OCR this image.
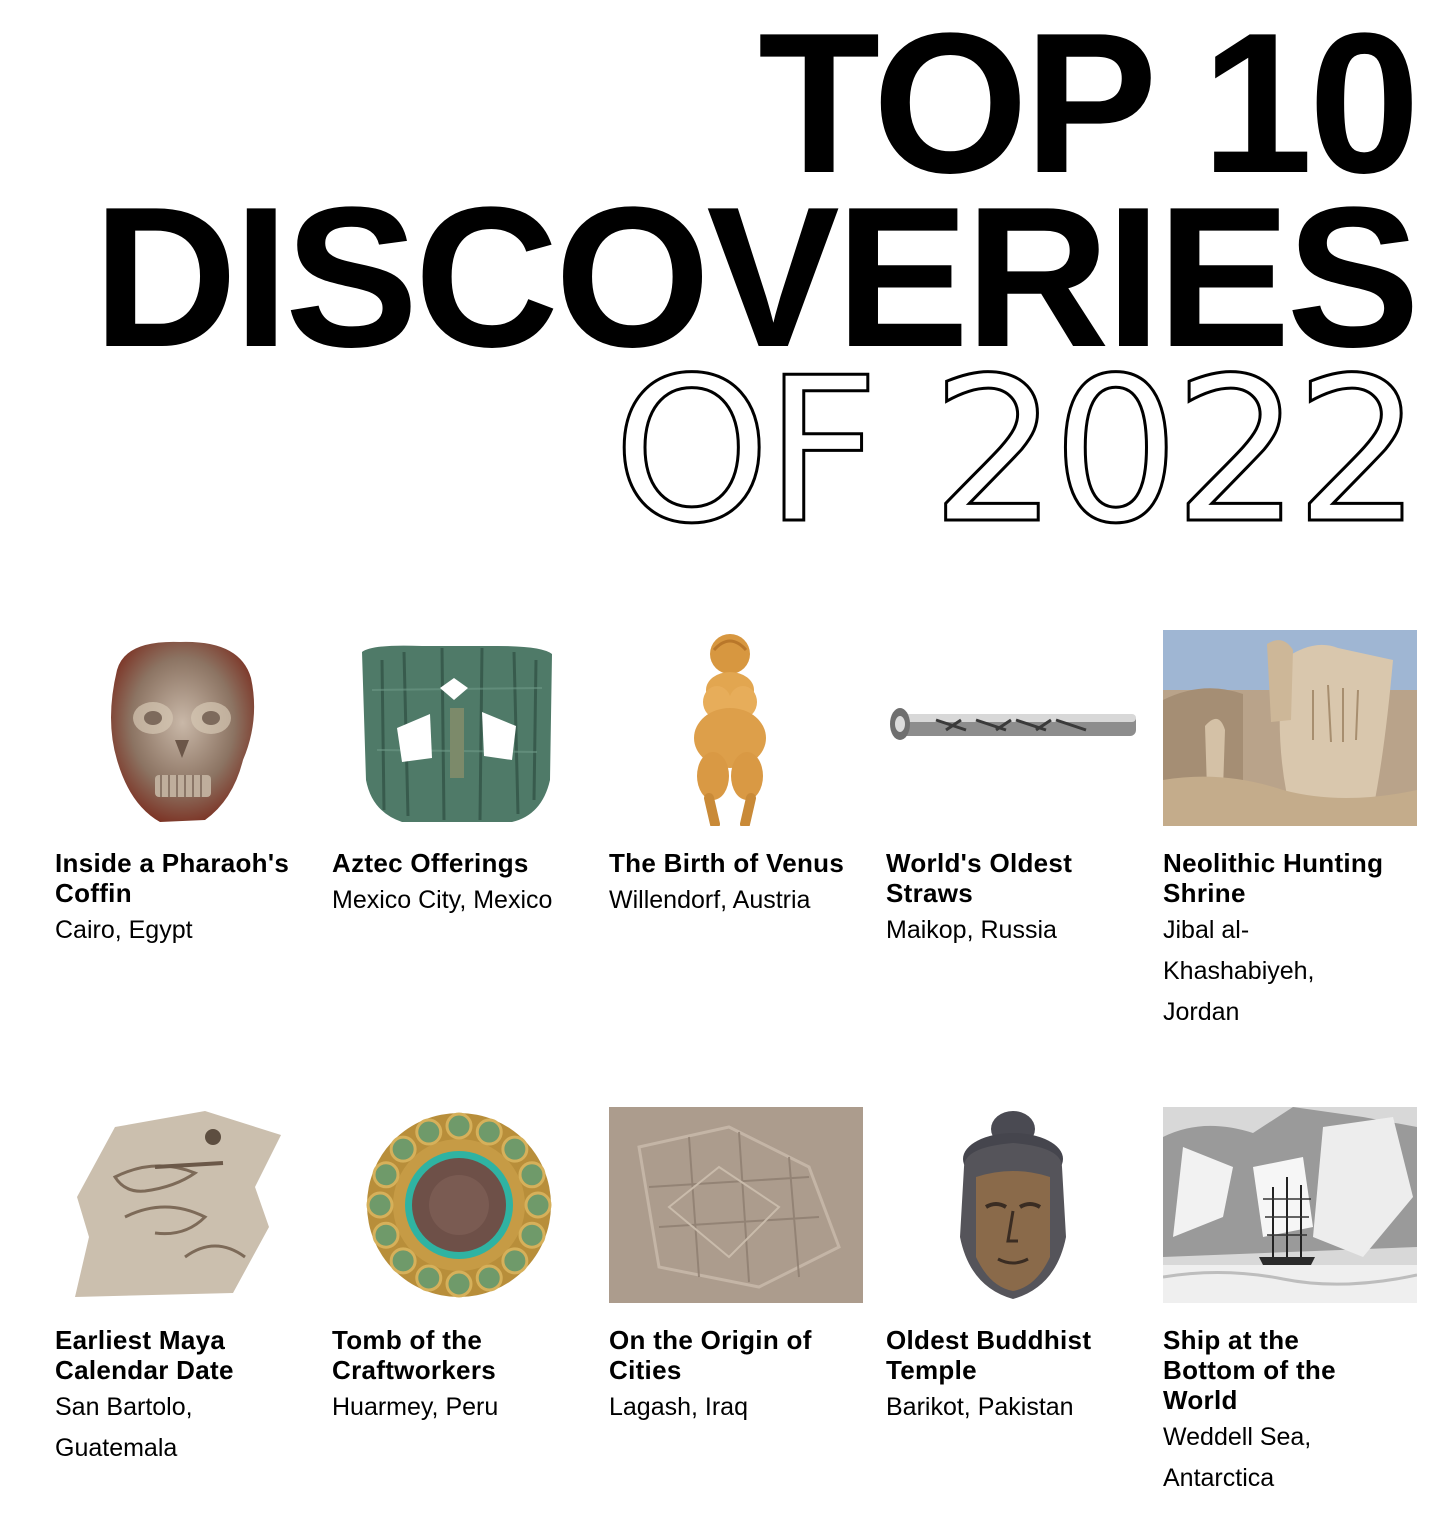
TOP 10
DISCOVERIES
OF 2022
Inside a Pharaoh's Coffin
Cairo, Egypt
Aztec Offerings
Mexico City, Mexico
The Birth of Venus
Willendorf, Austria
World's Oldest Straws
Maikop, Russia
Neolithic Hunting Shrine
Jibal al-Khashabiyeh, Jordan
Earliest Maya Calendar Date
San Bartolo, Guatemala
Tomb of the Craftworkers
Huarmey, Peru
On the Origin of Cities
Lagash, Iraq
Oldest Buddhist Temple
Barikot, Pakistan
Ship at the Bottom of the World
Weddell Sea, Antarctica
